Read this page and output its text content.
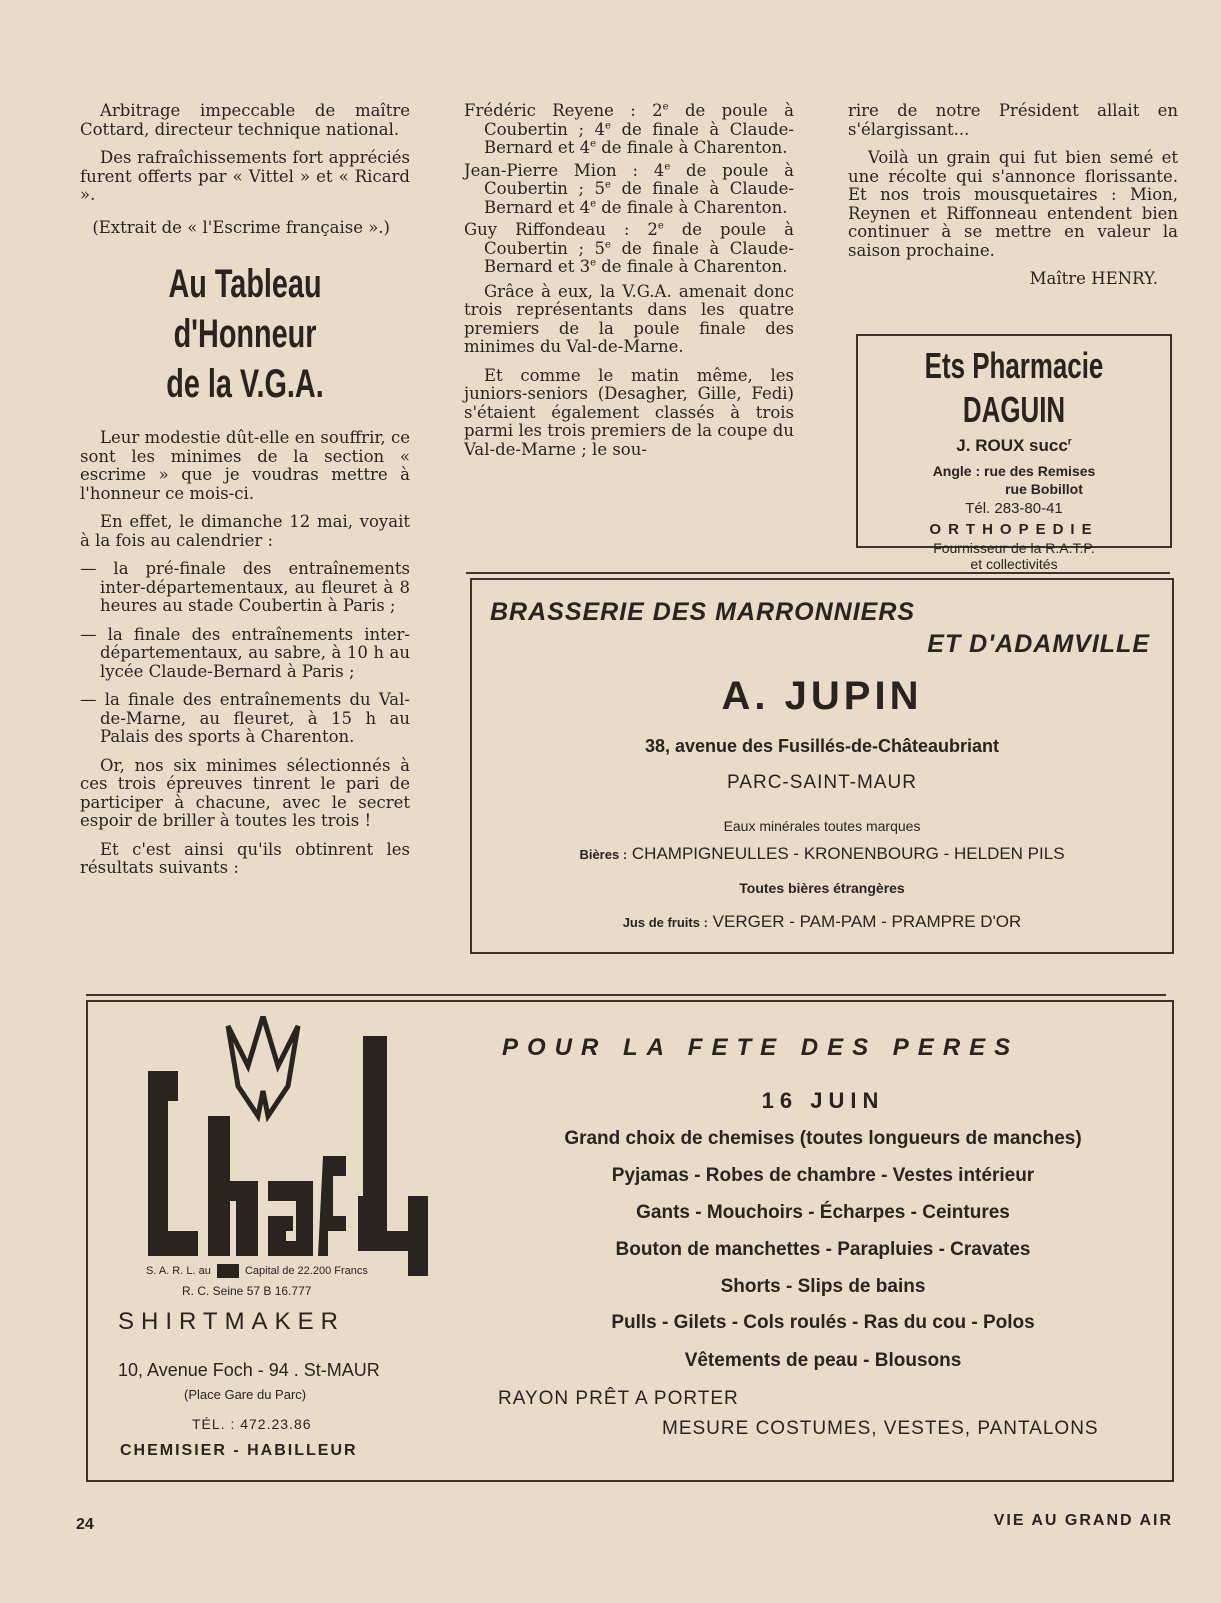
Arbitrage impeccable de maître Cottard, directeur technique national.

Des rafraîchissements fort appréciés furent offerts par « Vittel » et « Ricard ».

(Extrait de « l'Escrime française ».)

Au Tableau d'Honneur
de la V.G.A.

Leur modestie dût-elle en souffrir, ce sont les minimes de la section « escrime » que je voudras mettre à l'honneur ce mois-ci.

En effet, le dimanche 12 mai, voyait à la fois au calendrier :

— la pré-finale des entraînements inter-départementaux, au fleuret à 8 heures au stade Coubertin à Paris ;

— la finale des entraînements inter-départementaux, au sabre, à 10 h au lycée Claude-Bernard à Paris ;

— la finale des entraînements du Val-de-Marne, au fleuret, à 15 h au Palais des sports à Charenton.

Or, nos six minimes sélectionnés à ces trois épreuves tinrent le pari de participer à chacune, avec le secret espoir de briller à toutes les trois !

Et c'est ainsi qu'ils obtinrent les résultats suivants :

Frédéric Reyene : 2e de poule à Coubertin ; 4e de finale à Claude-Bernard et 4e de finale à Charenton.

Jean-Pierre Mion : 4e de poule à Coubertin ; 5e de finale à Claude-Bernard et 4e de finale à Charenton.

Guy Riffondeau : 2e de poule à Coubertin ; 5e de finale à Claude-Bernard et 3e de finale à Charenton.

Grâce à eux, la V.G.A. amenait donc trois représentants dans les quatre premiers de la poule finale des minimes du Val-de-Marne.

Et comme le matin même, les juniors-seniors (Desagher, Gille, Fedi) s'étaient également classés à trois parmi les trois premiers de la coupe du Val-de-Marne ; le sou-

rire de notre Président allait en s'élargissant...

Voilà un grain qui fut bien semé et une récolte qui s'annonce florissante. Et nos trois mousquetaires : Mion, Reynen et Riffonneau entendent bien continuer à se mettre en valeur la saison prochaine.

Maître HENRY.

Ets Pharmacie DAGUIN
J. ROUX succ$^r$
Angle : rue des Remises
rue Bobillot
Tél. 283-80-41
ORTHOPEDIE
Fournisseur de la R.A.T.P.
et collectivités
BRASSERIE DES MARRONNIERS
ET D'ADAMVILLE
A. JUPIN
38, avenue des Fusillés-de-Châteaubriant
PARC-SAINT-MAUR
Eaux minérales toutes marques
Bières : CHAMPIGNEULLES - KRONENBOURG - HELDEN PILS
Toutes bières étrangères
Jus de fruits : VERGER - PAM-PAM - PRAMPRE D'OR
S. A. R. L. au	Capital de 22.200 Francs
R. C. Seine 57 B 16.777
SHIRTMAKER
10, Avenue Foch - 94 . St-MAUR
(Place Gare du Parc)
TÉL. : 472.23.86
CHEMISIER - HABILLEUR
POUR LA FETE DES PERES
16 JUIN
Grand choix de chemises (toutes longueurs de manches)
Pyjamas - Robes de chambre - Vestes intérieur
Gants - Mouchoirs - Écharpes - Ceintures
Bouton de manchettes - Parapluies - Cravates
Shorts - Slips de bains
Pulls - Gilets - Cols roulés - Ras du cou - Polos
Vêtements de peau - Blousons
RAYON PRÊT A PORTER
MESURE COSTUMES, VESTES, PANTALONS
24	VIE AU GRAND AIR
